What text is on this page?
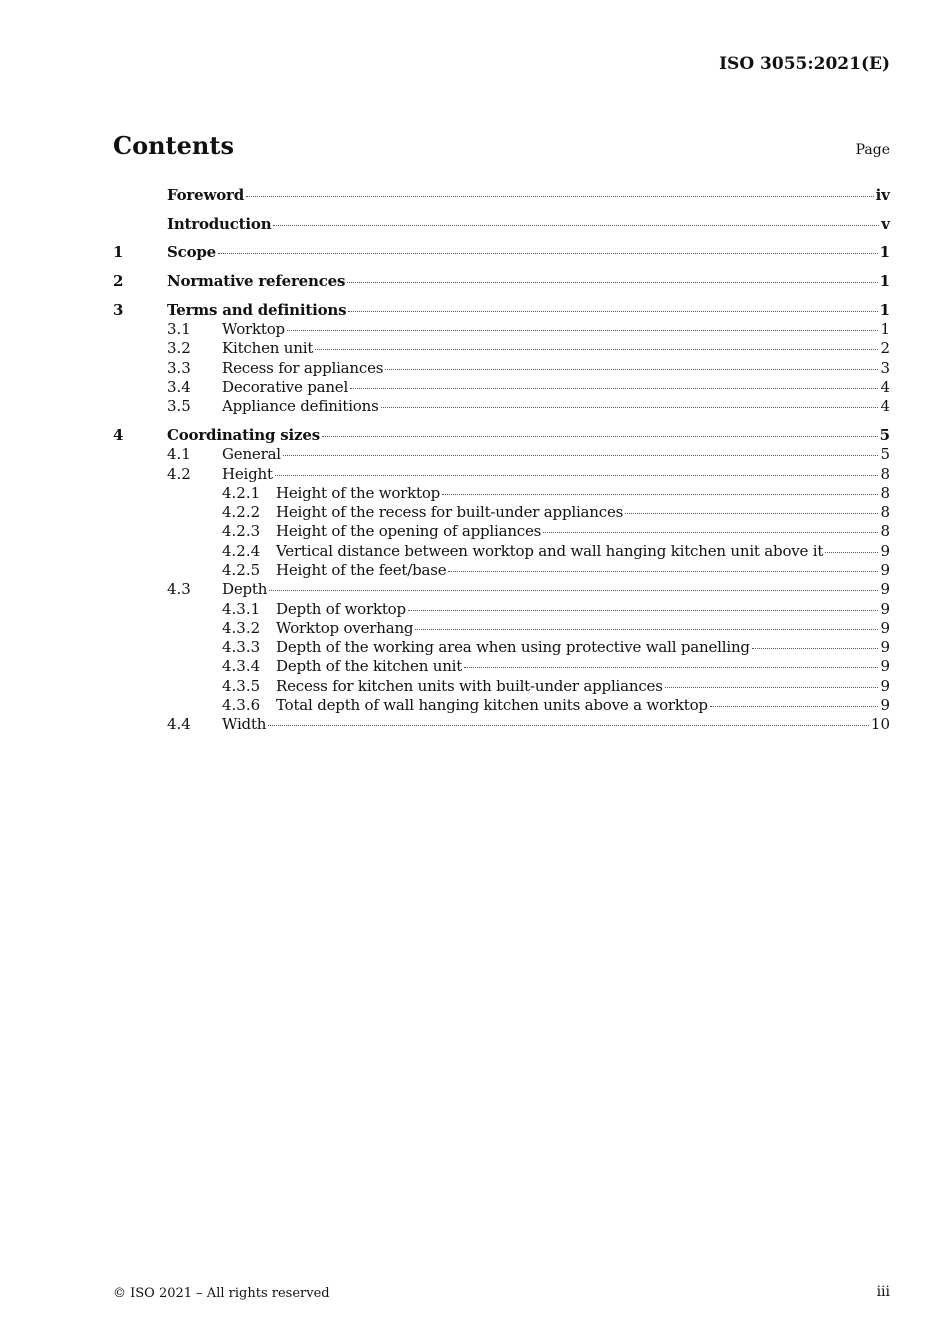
ISO 3055:2021(E)
Contents	Page
Foreword	iv
Introduction	v
1	Scope	1
2	Normative references	1
3	Terms and definitions	1
3.1	Worktop	1
3.2	Kitchen unit	2
3.3	Recess for appliances	3
3.4	Decorative panel	4
3.5	Appliance definitions	4
4	Coordinating sizes	5
4.1	General	5
4.2	Height	8
4.2.1	Height of the worktop	8
4.2.2	Height of the recess for built-under appliances	8
4.2.3	Height of the opening of appliances	8
4.2.4	Vertical distance between worktop and wall hanging kitchen unit above it	9
4.2.5	Height of the feet/base	9
4.3	Depth	9
4.3.1	Depth of worktop	9
4.3.2	Worktop overhang	9
4.3.3	Depth of the working area when using protective wall panelling	9
4.3.4	Depth of the kitchen unit	9
4.3.5	Recess for kitchen units with built-under appliances	9
4.3.6	Total depth of wall hanging kitchen units above a worktop	9
4.4	Width	10
© ISO 2021 – All rights reserved	iii
